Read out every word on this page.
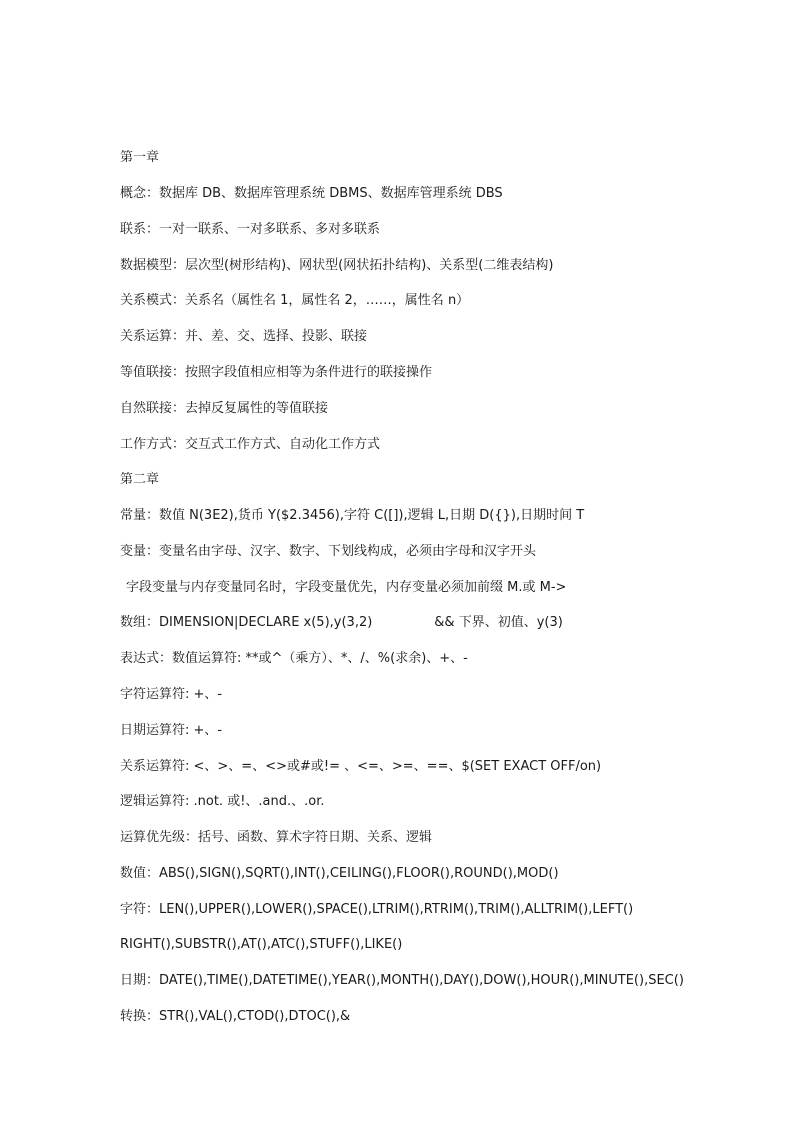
第一章
概念：数据库 DB、数据库管理系统 DBMS、数据库管理系统 DBS
联系：一对一联系、一对多联系、多对多联系
数据模型：层次型(树形结构)、网状型(网状拓扑结构)、关系型(二维表结构)
关系模式：关系名（属性名 1，属性名 2，……，属性名 n）
关系运算：并、差、交、选择、投影、联接
等值联接：按照字段值相应相等为条件进行的联接操作
自然联接：去掉反复属性的等值联接
工作方式：交互式工作方式、自动化工作方式
第二章
常量：数值 N(3E2),货币 Y($2.3456),字符 C([]),逻辑 L,日期 D({}),日期时间 T
变量：变量名由字母、汉字、数字、下划线构成，必须由字母和汉字开头
字段变量与内存变量同名时，字段变量优先，内存变量必须加前缀 M.或 M->
数组：DIMENSION|DECLARE x(5),y(3,2)	&& 下界、初值、y(3)
表达式：数值运算符: **或^（乘方）、*、/、%(求余)、+、-
字符运算符: +、-
日期运算符: +、-
关系运算符: <、>、=、<>或#或!= 、<=、>=、==、$(SET EXACT OFF/on)
逻辑运算符: .not. 或!、.and.、.or.
运算优先级：括号、函数、算术字符日期、关系、逻辑
数值：ABS(),SIGN(),SQRT(),INT(),CEILING(),FLOOR(),ROUND(),MOD()
字符：LEN(),UPPER(),LOWER(),SPACE(),LTRIM(),RTRIM(),TRIM(),ALLTRIM(),LEFT()
RIGHT(),SUBSTR(),AT(),ATC(),STUFF(),LIKE()
日期：DATE(),TIME(),DATETIME(),YEAR(),MONTH(),DAY(),DOW(),HOUR(),MINUTE(),SEC()
转换：STR(),VAL(),CTOD(),DTOC(),&
